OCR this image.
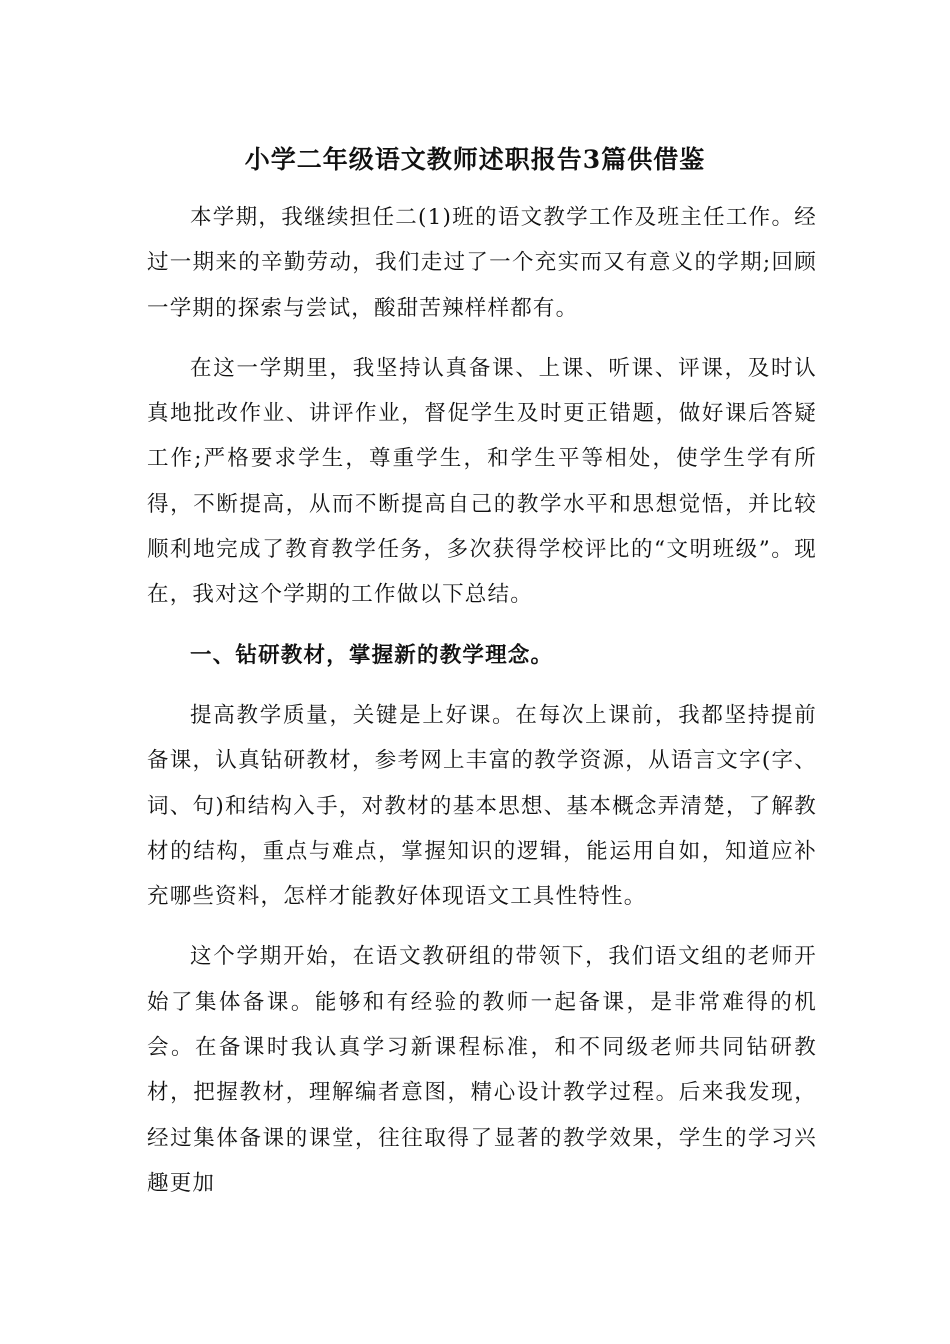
小学二年级语文教师述职报告3篇供借鉴

本学期，我继续担任二(1)班的语文教学工作及班主任工作。经过一期来的辛勤劳动，我们走过了一个充实而又有意义的学期;回顾一学期的探索与尝试，酸甜苦辣样样都有。

在这一学期里，我坚持认真备课、上课、听课、评课，及时认真地批改作业、讲评作业，督促学生及时更正错题，做好课后答疑工作;严格要求学生，尊重学生，和学生平等相处，使学生学有所得，不断提高，从而不断提高自己的教学水平和思想觉悟，并比较顺利地完成了教育教学任务，多次获得学校评比的“文明班级”。现在，我对这个学期的工作做以下总结。

一、钻研教材，掌握新的教学理念。

提高教学质量，关键是上好课。在每次上课前，我都坚持提前备课，认真钻研教材，参考网上丰富的教学资源，从语言文字(字、词、句)和结构入手，对教材的基本思想、基本概念弄清楚，了解教材的结构，重点与难点，掌握知识的逻辑，能运用自如，知道应补充哪些资料，怎样才能教好体现语文工具性特性。

这个学期开始，在语文教研组的带领下，我们语文组的老师开始了集体备课。能够和有经验的教师一起备课，是非常难得的机会。在备课时我认真学习新课程标准，和不同级老师共同钻研教材，把握教材，理解编者意图，精心设计教学过程。后来我发现，经过集体备课的课堂，往往取得了显著的教学效果，学生的学习兴趣更加
